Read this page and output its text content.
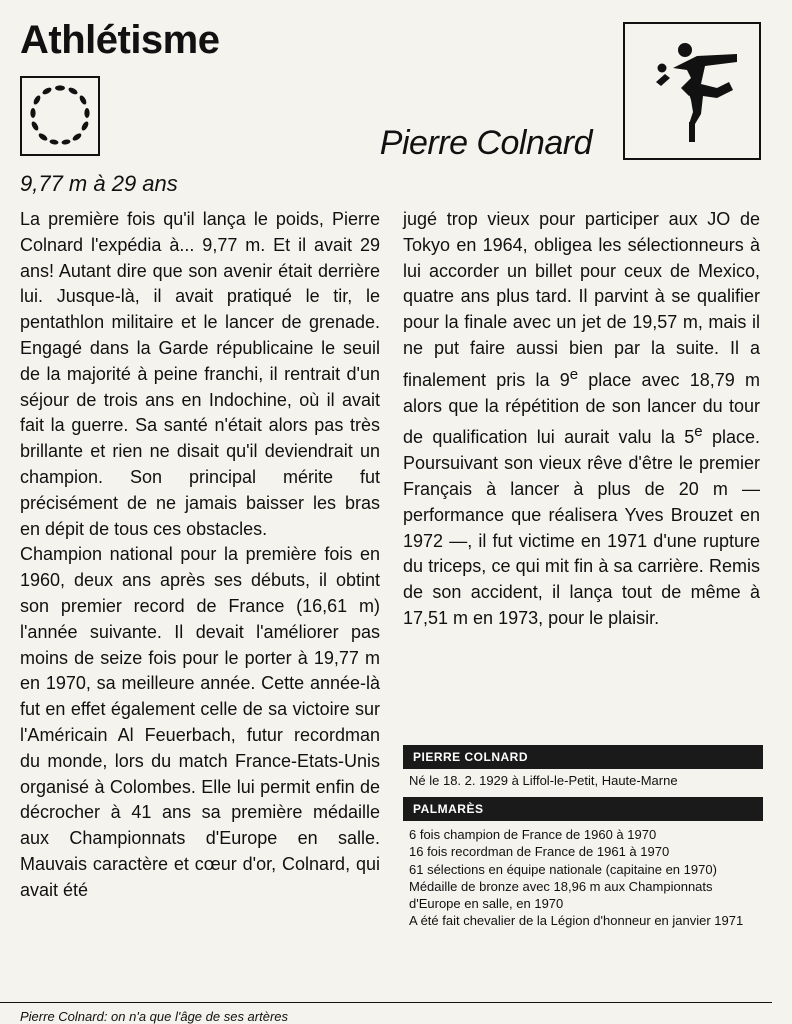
Athlétisme
Pierre Colnard
9,77 m à 29 ans

La première fois qu'il lança le poids, Pierre Colnard l'expédia à... 9,77 m. Et il avait 29 ans! Autant dire que son avenir était derrière lui. Jusque-là, il avait pratiqué le tir, le pentathlon militaire et le lancer de grenade. Engagé dans la Garde républicaine le seuil de la majorité à peine franchi, il rentrait d'un séjour de trois ans en Indochine, où il avait fait la guerre. Sa santé n'était alors pas très brillante et rien ne disait qu'il deviendrait un champion. Son principal mérite fut précisément de ne jamais baisser les bras en dépit de tous ces obstacles.

Champion national pour la première fois en 1960, deux ans après ses débuts, il obtint son premier record de France (16,61 m) l'année suivante. Il devait l'améliorer pas moins de seize fois pour le porter à 19,77 m en 1970, sa meilleure année. Cette année-là fut en effet également celle de sa victoire sur l'Américain Al Feuerbach, futur recordman du monde, lors du match France-Etats-Unis organisé à Colombes. Elle lui permit enfin de décrocher à 41 ans sa première médaille aux Championnats d'Europe en salle. Mauvais caractère et cœur d'or, Colnard, qui avait été

jugé trop vieux pour participer aux JO de Tokyo en 1964, obligea les sélectionneurs à lui accorder un billet pour ceux de Mexico, quatre ans plus tard. Il parvint à se qualifier pour la finale avec un jet de 19,57 m, mais il ne put faire aussi bien par la suite. Il a finalement pris la 9e place avec 18,79 m alors que la répétition de son lancer du tour de qualification lui aurait valu la 5e place. Poursuivant son vieux rêve d'être le premier Français à lancer à plus de 20 m — performance que réalisera Yves Brouzet en 1972 —, il fut victime en 1971 d'une rupture du triceps, ce qui mit fin à sa carrière. Remis de son accident, il lança tout de même à 17,51 m en 1973, pour le plaisir.

PIERRE COLNARD
Né le 18. 2. 1929 à Liffol-le-Petit, Haute-Marne
PALMARÈS

6 fois champion de France de 1960 à 1970

16 fois recordman de France de 1961 à 1970

61 sélections en équipe nationale (capitaine en 1970)

Médaille de bronze avec 18,96 m aux Championnats d'Europe en salle, en 1970

A été fait chevalier de la Légion d'honneur en janvier 1971

Pierre Colnard: on n'a que l'âge de ses artères
